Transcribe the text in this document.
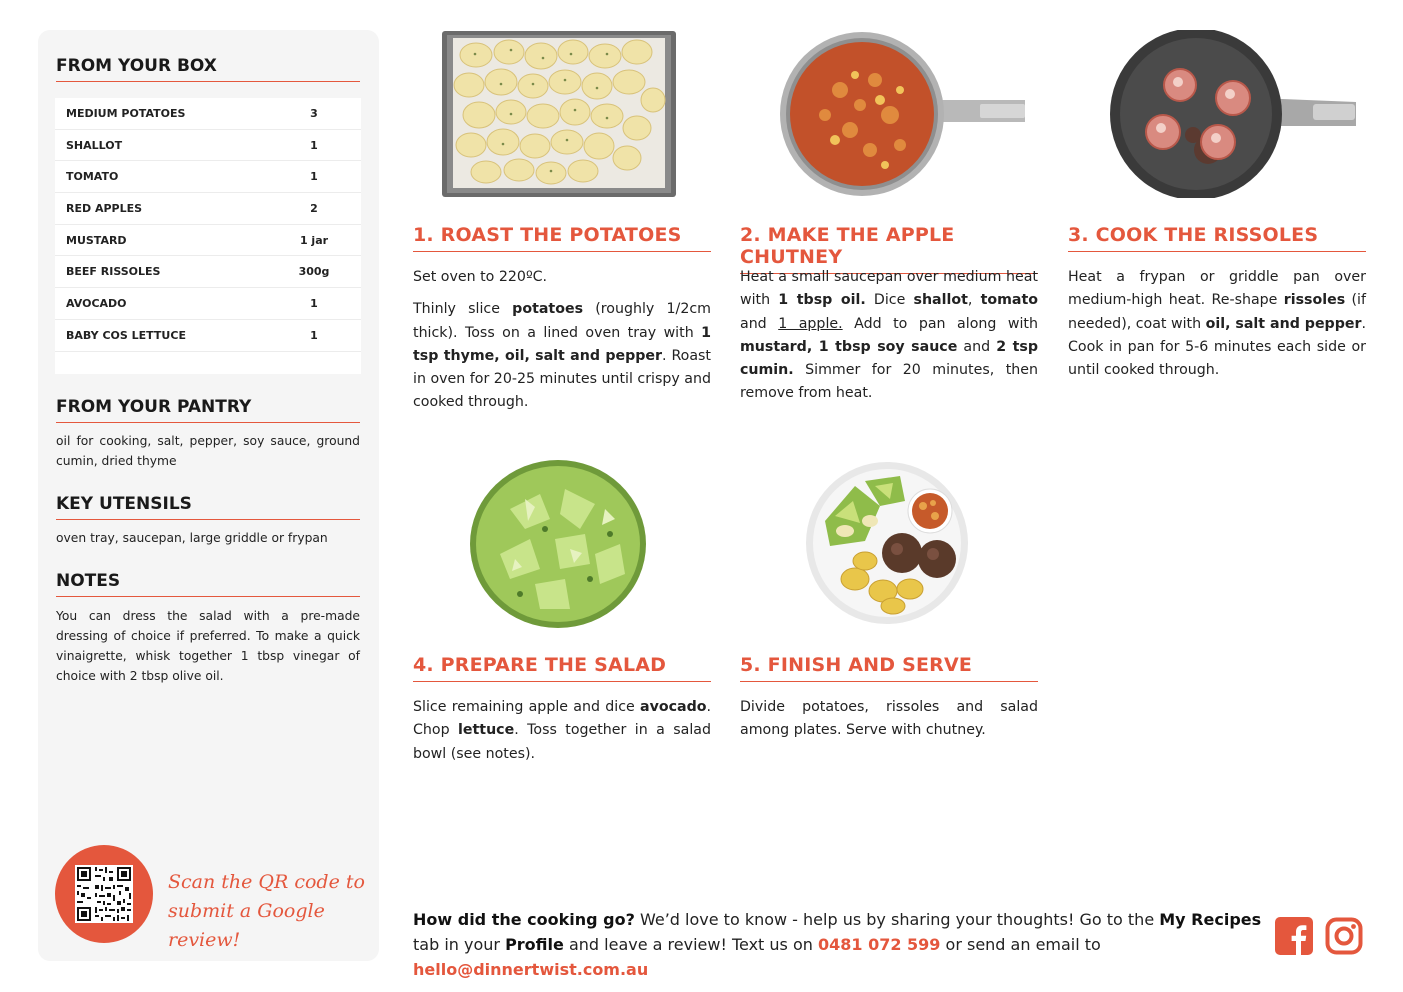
FROM YOUR BOX
MEDIUM POTATOES	3
SHALLOT	1
TOMATO	1
RED APPLES	2
MUSTARD	1 jar
BEEF RISSOLES	300g
AVOCADO	1
BABY COS LETTUCE	1
FROM YOUR PANTRY
oil for cooking, salt, pepper, soy sauce, ground cumin, dried thyme
KEY UTENSILS
oven tray, saucepan, large griddle or frypan
NOTES
You can dress the salad with a pre-made dressing of choice if preferred. To make a quick vinaigrette, whisk together 1 tbsp vinegar of choice with 2 tbsp olive oil.
Scan the QR code to
submit a Google review!
1. ROAST THE POTATOES

Set oven to 220ºC.

Thinly slice potatoes (roughly 1/2cm thick). Toss on a lined oven tray with 1 tsp thyme, oil, salt and pepper. Roast in oven for 20-25 minutes until crispy and cooked through.

2. MAKE THE APPLE CHUTNEY

Heat a small saucepan over medium heat with 1 tbsp oil. Dice shallot, tomato and 1 apple. Add to pan along with mustard, 1 tbsp soy sauce and 2 tsp cumin. Simmer for 20 minutes, then remove from heat.

3. COOK THE RISSOLES

Heat a frypan or griddle pan over medium-high heat. Re-shape rissoles (if needed), coat with oil, salt and pepper. Cook in pan for 5-6 minutes each side or until cooked through.

4. PREPARE THE SALAD

Slice remaining apple and dice avocado. Chop lettuce. Toss together in a salad bowl (see notes).

5. FINISH AND SERVE

Divide potatoes, rissoles and salad among plates. Serve with chutney.

How did the cooking go? We’d love to know - help us by sharing your thoughts! Go to the My Recipes tab in your Profile and leave a review! Text us on 0481 072 599 or send an email to hello@dinnertwist.com.au
